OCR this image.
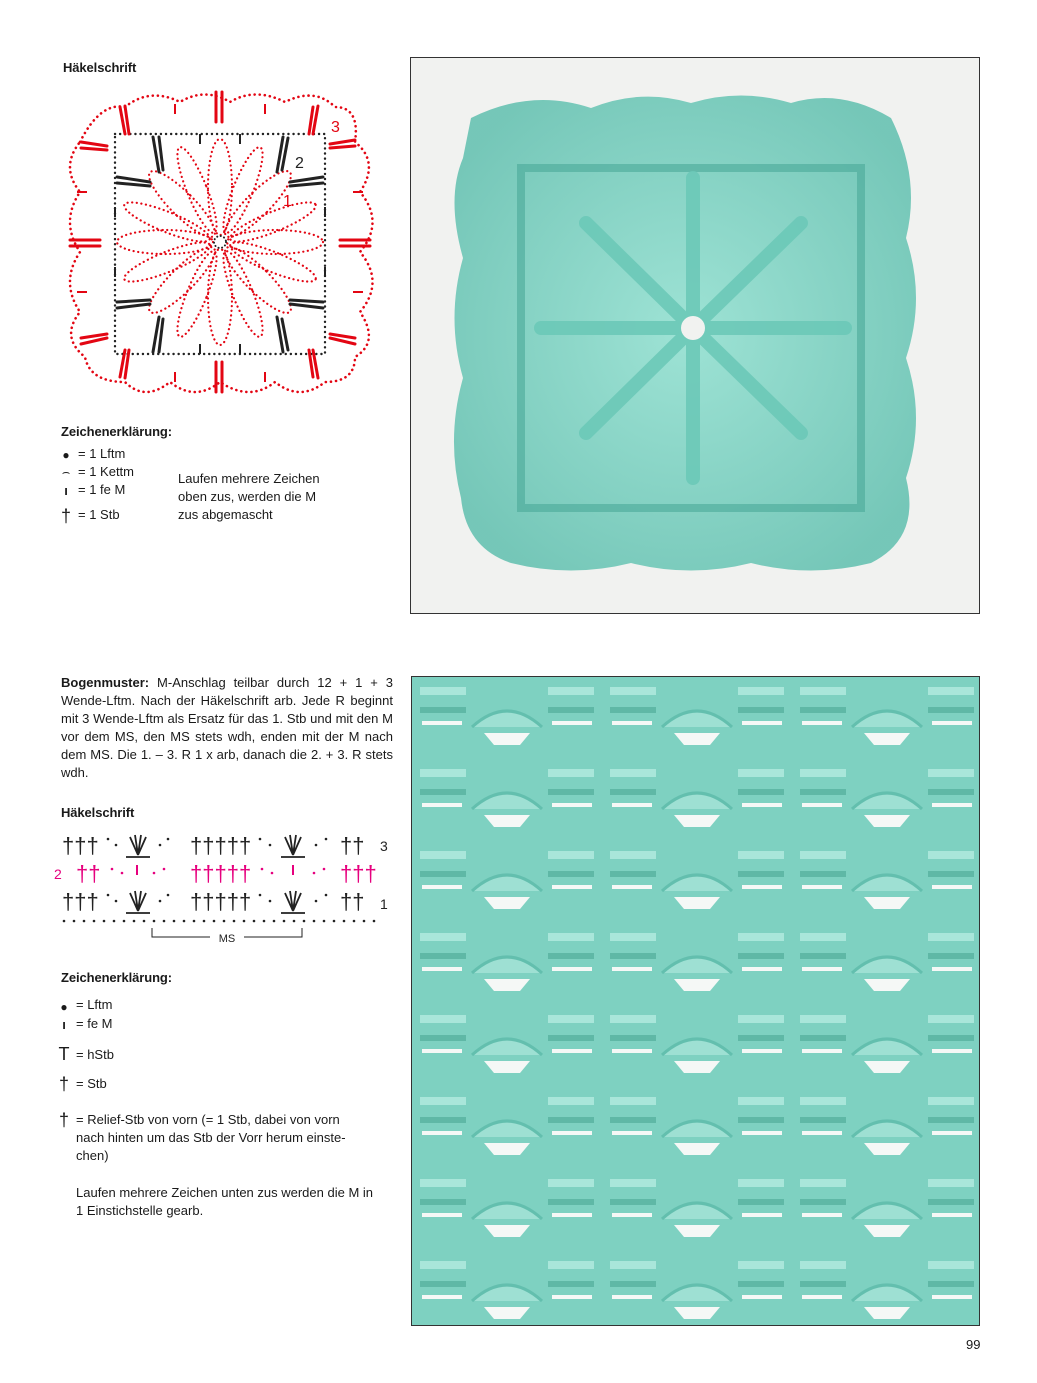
Häkelschrift
1
2
3
Zeichenerklärung:
● = 1 Lftm
⌢ = 1 Kettm
ı = 1 fe M
† = 1 Stb
Laufen mehrere Zeichen oben zus, werden die M zus abgemascht
Bogenmuster: M-Anschlag teilbar durch 12 + 1 + 3 Wende-Lftm. Nach der Häkelschrift arb. Jede R beginnt mit 3 Wende-Lftm als Ersatz für das 1. Stb und mit den M vor dem MS, den MS stets wdh, enden mit der M nach dem MS. Die 1. – 3. R 1 x arb, danach die 2. + 3. R stets wdh.
Häkelschrift
†††	†††††	††
†††	†††††	††
††	†††††	†††
MS
3
2
1
Zeichenerklärung:
● = Lftm
ı = fe M
T = hStb
† = Stb
† = Relief-Stb von vorn (= 1 Stb, dabei von vorn nach hinten um das Stb der Vorr herum einste-chen)
Laufen mehrere Zeichen unten zus werden die M in 1 Einstichstelle gearb.
99
